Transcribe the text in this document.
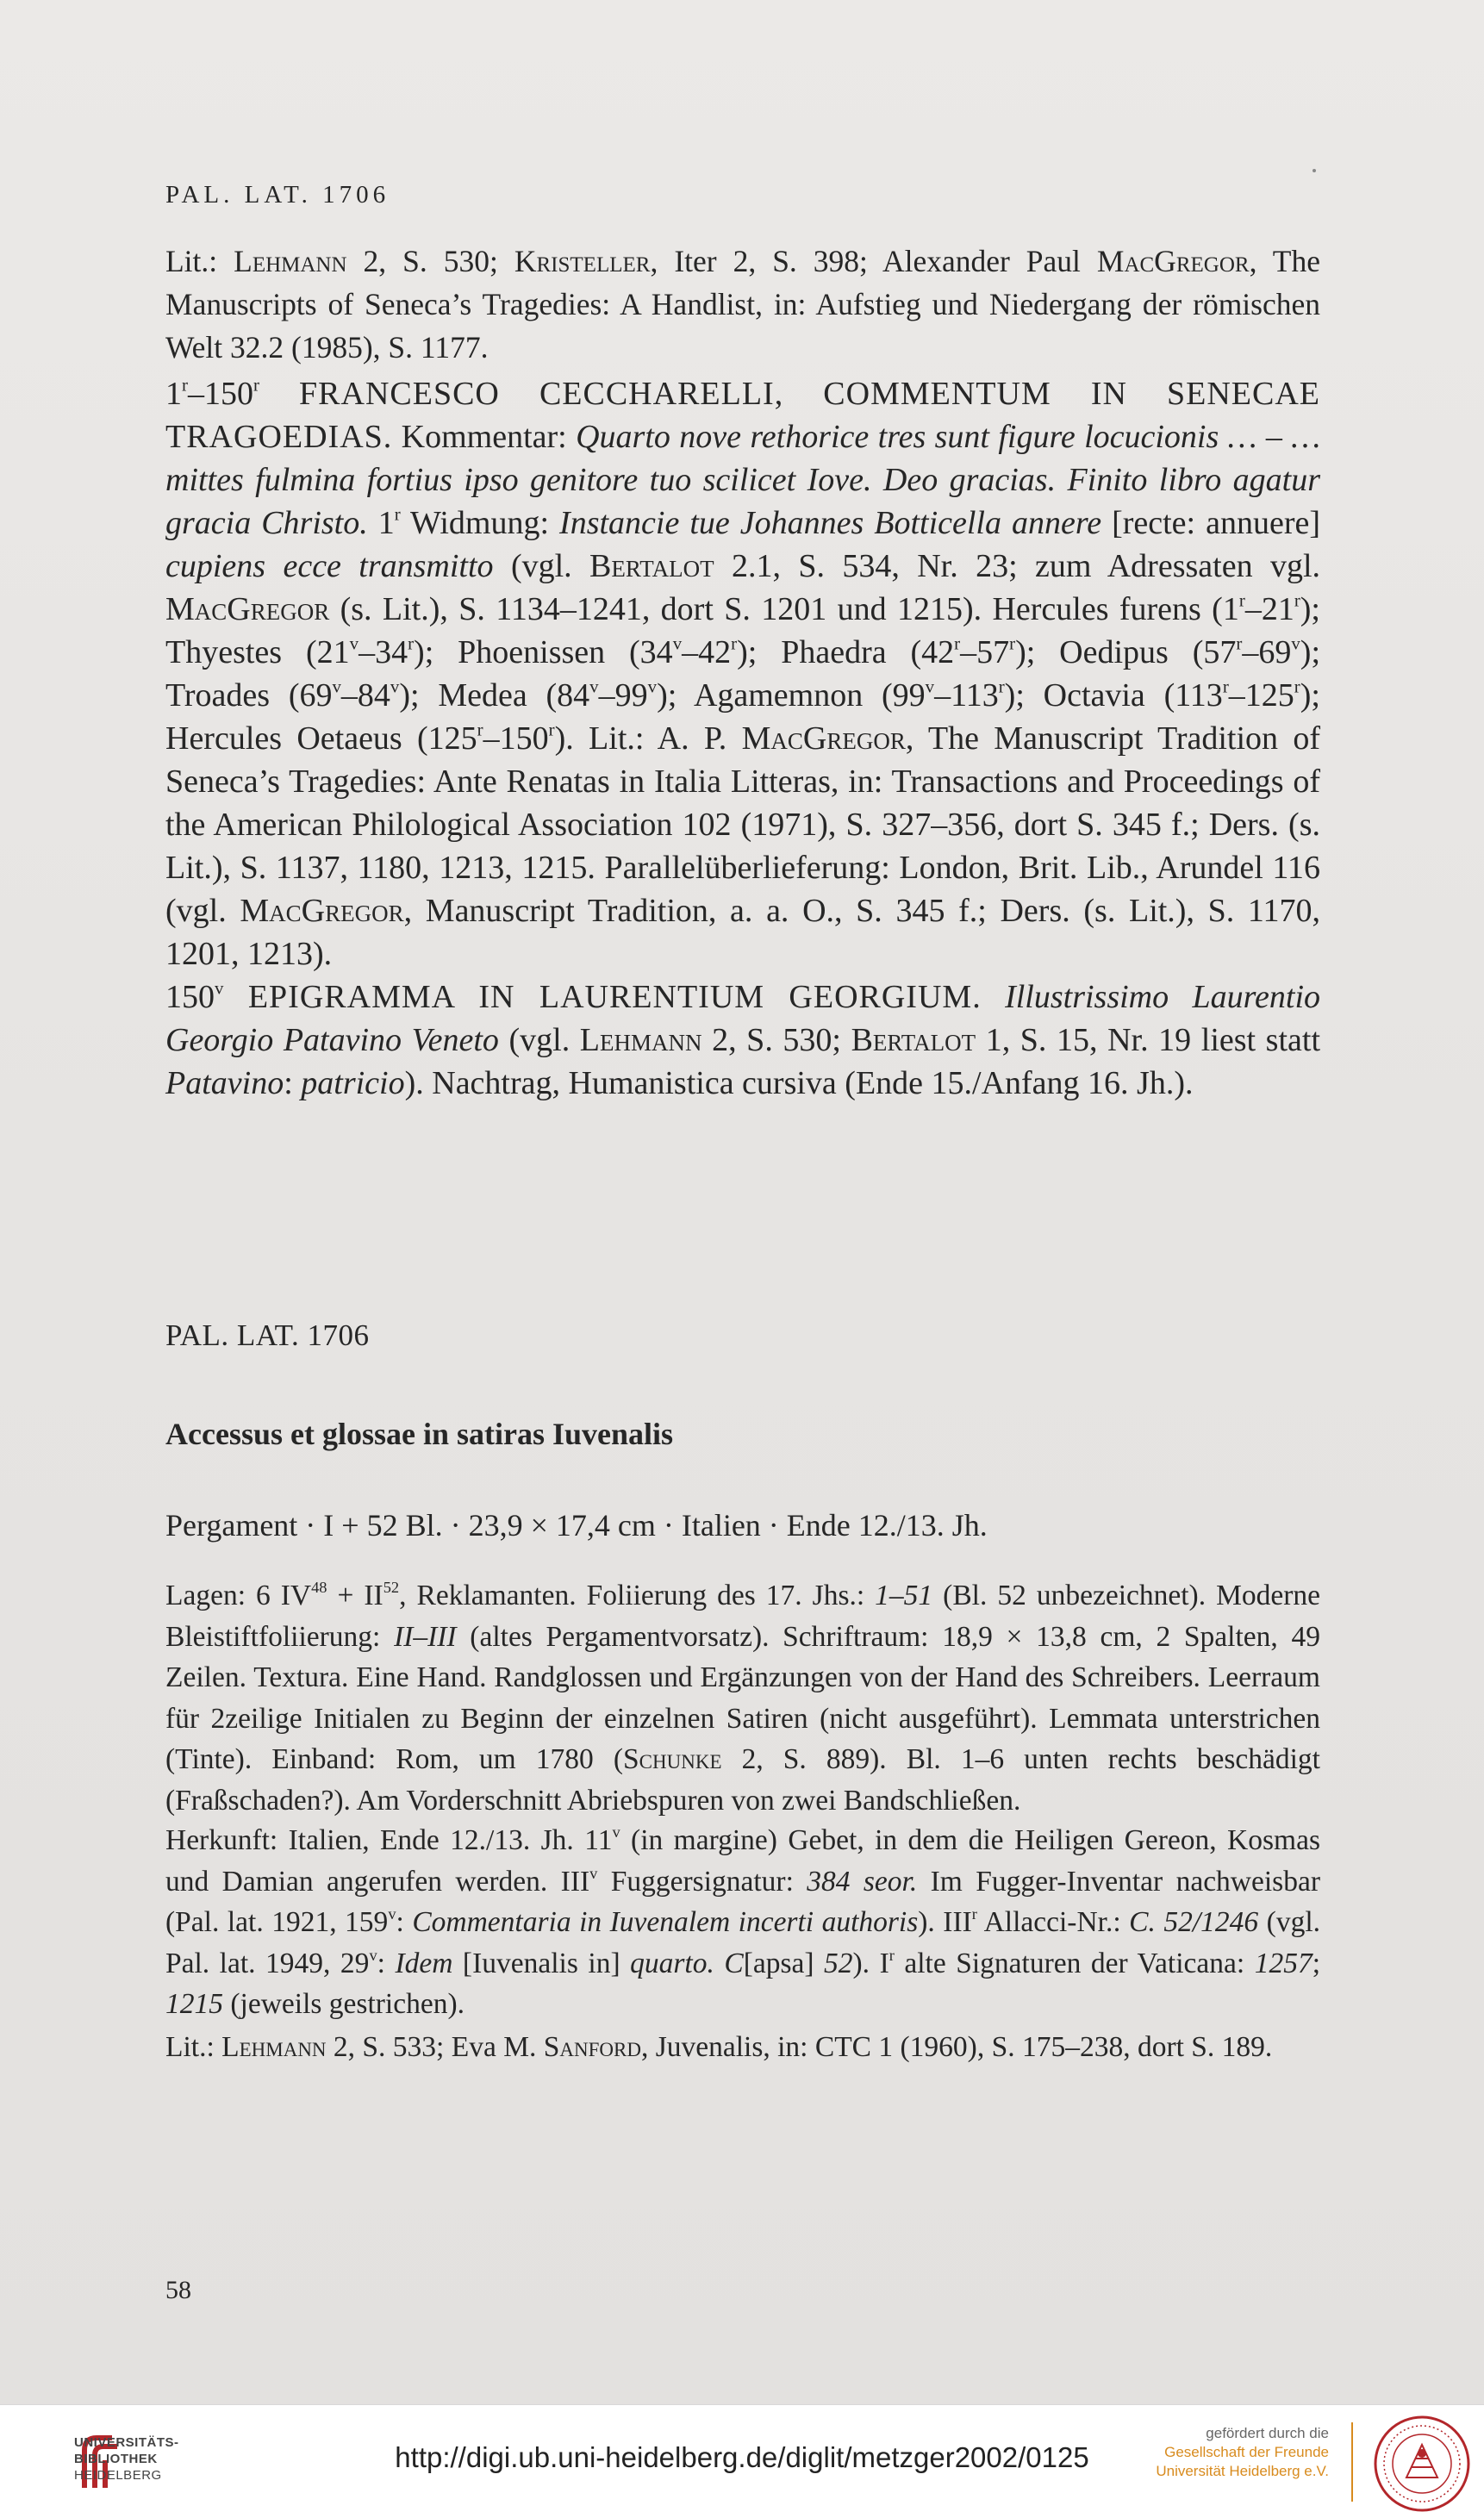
PAL. LAT. 1706

Lit.: Lehmann 2, S. 530; Kristeller, Iter 2, S. 398; Alexander Paul MacGregor, The Manuscripts of Seneca’s Tragedies: A Handlist, in: Aufstieg und Niedergang der römischen Welt 32.2 (1985), S. 1177.

1$^r$–150$^r$ FRANCESCO CECCHARELLI, COMMENTUM IN SENECAE TRAGOEDIAS. Kommentar: Quarto nove rethorice tres sunt figure locucionis … – … mittes fulmina fortius ipso genitore tuo scilicet Iove. Deo gracias. Finito libro agatur gracia Christo. 1$^r$ Widmung: Instancie tue Johannes Botticella annere [recte: annuere] cupiens ecce transmitto (vgl. Bertalot 2.1, S. 534, Nr. 23; zum Adressaten vgl. MacGregor (s. Lit.), S. 1134–1241, dort S. 1201 und 1215). Hercules furens (1$^r$–21$^r$); Thyestes (21$^v$–34$^r$); Phoenissen (34$^v$–42$^r$); Phaedra (42$^r$–57$^r$); Oedipus (57$^r$–69$^v$); Troades (69$^v$–84$^v$); Medea (84$^v$–99$^v$); Agamemnon (99$^v$–113$^r$); Octavia (113$^r$–125$^r$); Hercules Oetaeus (125$^r$–150$^r$). Lit.: A. P. MacGregor, The Manuscript Tradition of Seneca’s Tragedies: Ante Renatas in Italia Litteras, in: Transactions and Proceedings of the American Philological Association 102 (1971), S. 327–356, dort S. 345 f.; Ders. (s. Lit.), S. 1137, 1180, 1213, 1215. Parallelüberlieferung: London, Brit. Lib., Arundel 116 (vgl. MacGregor, Manuscript Tradition, a. a. O., S. 345 f.; Ders. (s. Lit.), S. 1170, 1201, 1213).

150$^v$ EPIGRAMMA IN LAURENTIUM GEORGIUM. Illustrissimo Laurentio Georgio Patavino Veneto (vgl. Lehmann 2, S. 530; Bertalot 1, S. 15, Nr. 19 liest statt Patavino: patricio). Nachtrag, Humanistica cursiva (Ende 15./Anfang 16. Jh.).

PAL. LAT. 1706
Accessus et glossae in satiras Iuvenalis
Pergament · I + 52 Bl. · 23,9 × 17,4 cm · Italien · Ende 12./13. Jh.

Lagen: 6 $IV^{48} + II^{52}$, Reklamanten. Foliierung des 17. Jhs.: 1–51 (Bl. 52 unbezeichnet). Moderne Bleistiftfoliierung: II–III (altes Pergamentvorsatz). Schriftraum: 18,9 × 13,8 cm, 2 Spalten, 49 Zeilen. Textura. Eine Hand. Randglossen und Ergänzungen von der Hand des Schreibers. Leerraum für 2zeilige Initialen zu Beginn der einzelnen Satiren (nicht ausgeführt). Lemmata unterstrichen (Tinte). Einband: Rom, um 1780 (Schunke 2, S. 889). Bl. 1–6 unten rechts beschädigt (Fraßschaden?). Am Vorderschnitt Abriebspuren von zwei Bandschließen.

Herkunft: Italien, Ende 12./13. Jh. 11$^v$ (in margine) Gebet, in dem die Heiligen Gereon, Kosmas und Damian angerufen werden. III$^v$ Fuggersignatur: 384 seor. Im Fugger-Inventar nachweisbar (Pal. lat. 1921, 159$^v$: Commentaria in Iuvenalem incerti authoris). III$^r$ Allacci-Nr.: C. 52/1246 (vgl. Pal. lat. 1949, 29$^v$: Idem [Iuvenalis in] quarto. C[apsa] 52). $I^r$ alte Signaturen der Vaticana: 1257; 1215 (jeweils gestrichen).

Lit.: Lehmann 2, S. 533; Eva M. Sanford, Juvenalis, in: CTC 1 (1960), S. 175–238, dort S. 189.

58
UNIVERSITÄTS-
BIBLIOTHEK
HEIDELBERG
http://digi.ub.uni-heidelberg.de/diglit/metzger2002/0125
gefördert durch die
Gesellschaft der Freunde
Universität Heidelberg e.V.
